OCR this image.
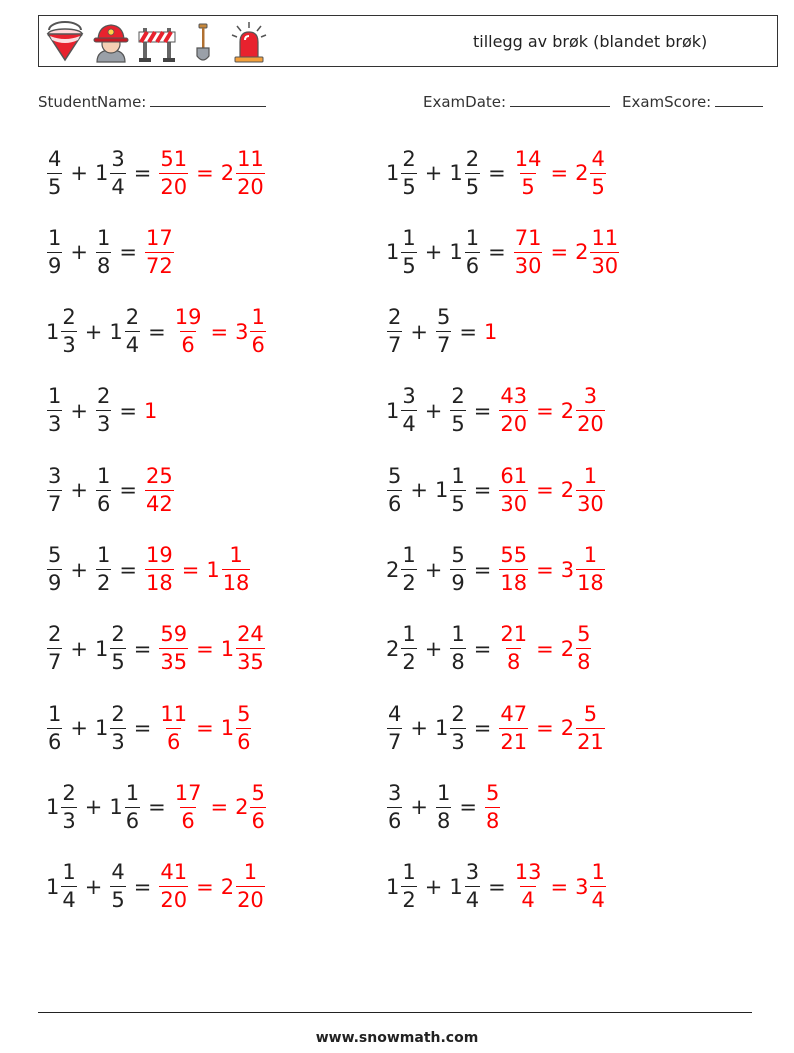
tillegg av brøk (blandet brøk)
StudentName:	ExamDate:	ExamScore:
$\frac{4}{5} + 1 \frac{3}{4} = \frac{51}{20} = 2 \frac{11}{20}$	$1 \frac{2}{5} + 1 \frac{2}{5} = \frac{14}{5} = 2 \frac{4}{5}$
$\frac{1}{9} + \frac{1}{8} = \frac{17}{72}$	$1 \frac{1}{5} + 1 \frac{1}{6} = \frac{71}{30} = 2 \frac{11}{30}$
$1 \frac{2}{3} + 1 \frac{2}{4} = \frac{19}{6} = 3 \frac{1}{6}$	$\frac{2}{7} + \frac{5}{7} = 1$
$\frac{1}{3} + \frac{2}{3} = 1$	$1 \frac{3}{4} + \frac{2}{5} = \frac{43}{20} = 2 \frac{3}{20}$
$\frac{3}{7} + \frac{1}{6} = \frac{25}{42}$	$\frac{5}{6} + 1 \frac{1}{5} = \frac{61}{30} = 2 \frac{1}{30}$
$\frac{5}{9} + \frac{1}{2} = \frac{19}{18} = 1 \frac{1}{18}$	$2 \frac{1}{2} + \frac{5}{9} = \frac{55}{18} = 3 \frac{1}{18}$
$\frac{2}{7} + 1 \frac{2}{5} = \frac{59}{35} = 1 \frac{24}{35}$	$2 \frac{1}{2} + \frac{1}{8} = \frac{21}{8} = 2 \frac{5}{8}$
$\frac{1}{6} + 1 \frac{2}{3} = \frac{11}{6} = 1 \frac{5}{6}$	$\frac{4}{7} + 1 \frac{2}{3} = \frac{47}{21} = 2 \frac{5}{21}$
$1 \frac{2}{3} + 1 \frac{1}{6} = \frac{17}{6} = 2 \frac{5}{6}$	$\frac{3}{6} + \frac{1}{8} = \frac{5}{8}$
$1 \frac{1}{4} + \frac{4}{5} = \frac{41}{20} = 2 \frac{1}{20}$	$1 \frac{1}{2} + 1 \frac{3}{4} = \frac{13}{4} = 3 \frac{1}{4}$
www.snowmath.com
